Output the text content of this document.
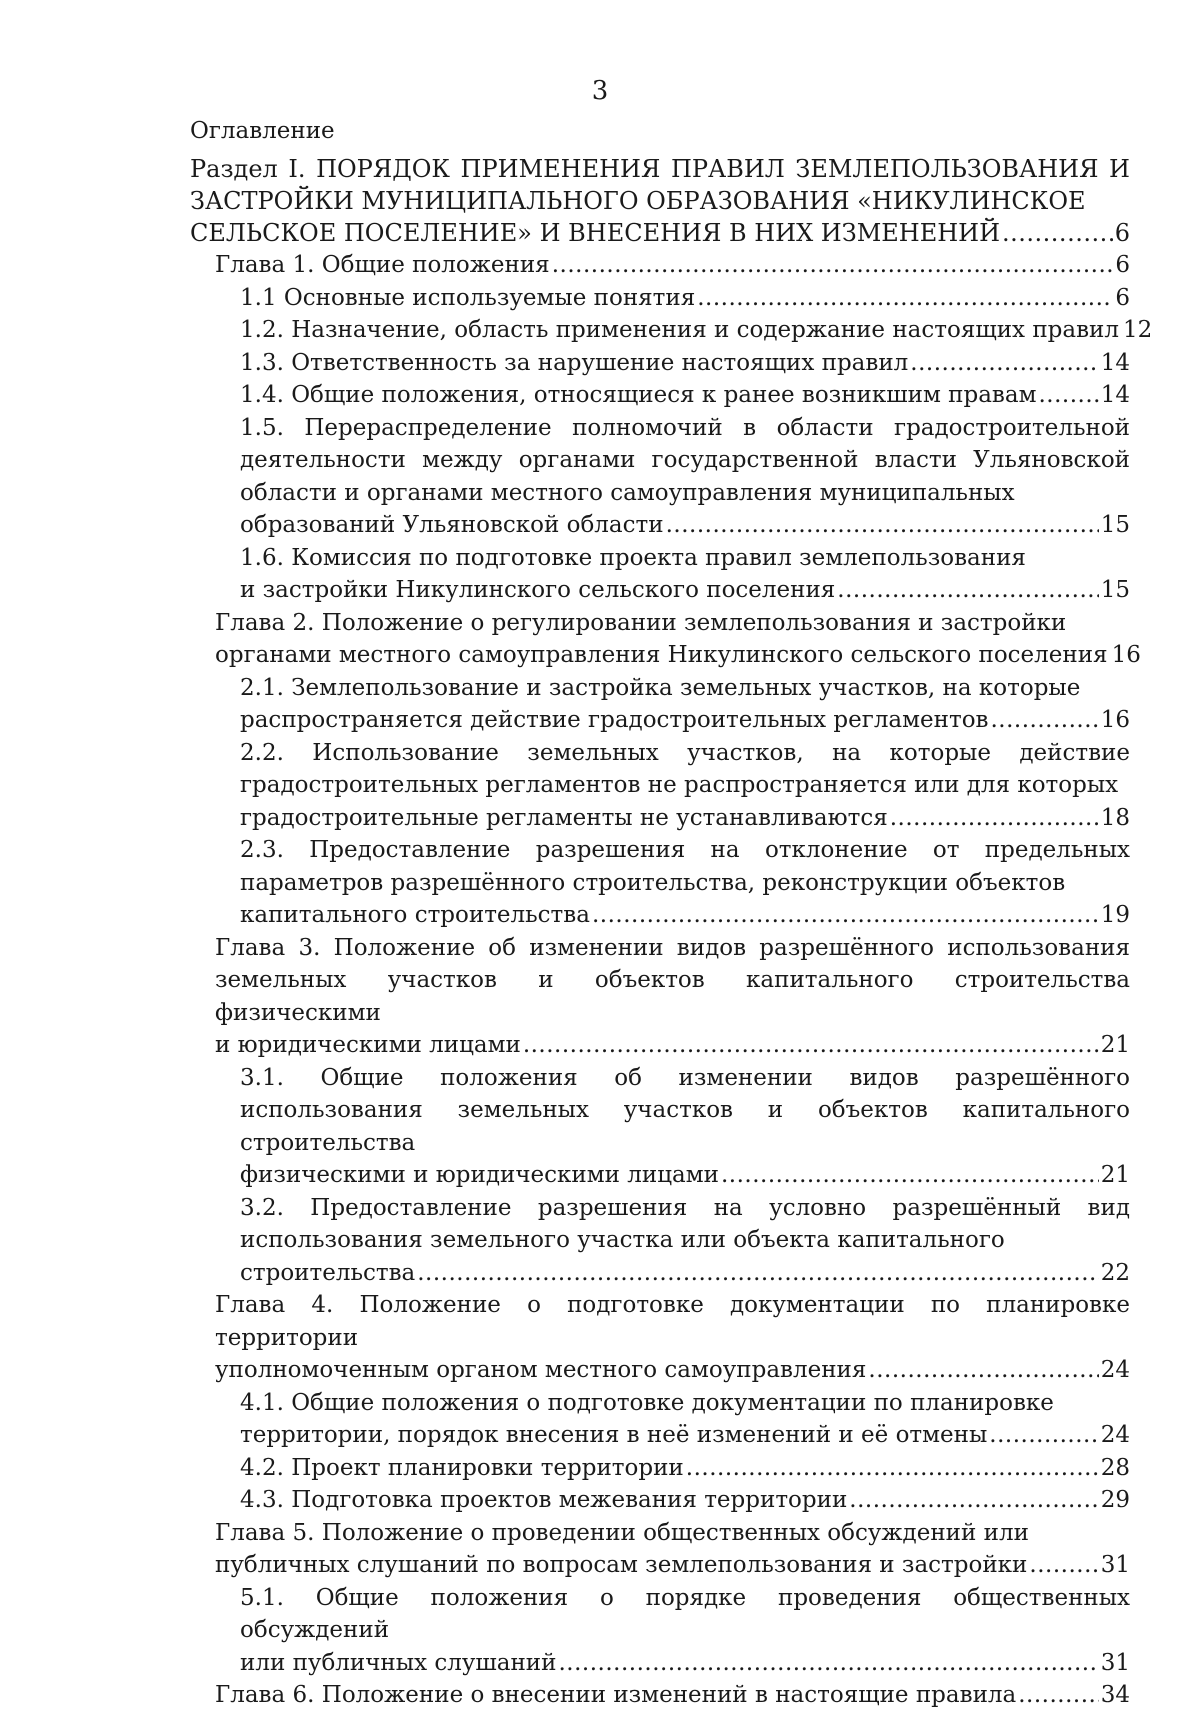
3
Оглавление
Раздел I. ПОРЯДОК ПРИМЕНЕНИЯ ПРАВИЛ ЗЕМЛЕПОЛЬЗОВАНИЯ И ЗАСТРОЙКИ МУНИЦИПАЛЬНОГО ОБРАЗОВАНИЯ «НИКУЛИНСКОЕ
СЕЛЬСКОЕ ПОСЕЛЕНИЕ» И ВНЕСЕНИЯ В НИХ ИЗМЕНЕНИЙ .....	6
Глава 1. Общие положения .....	6
1.1 Основные используемые понятия .....	6
1.2. Назначение, область применения и содержание настоящих правил 12
1.3. Ответственность за нарушение настоящих правил .....	14
1.4. Общие положения, относящиеся к ранее возникшим правам .....	14
1.5. Перераспределение полномочий в области градостроительной деятельности между органами государственной власти Ульяновской области и органами местного самоуправления муниципальных
образований Ульяновской области .....	15
1.6. Комиссия по подготовке проекта правил землепользования
и застройки Никулинского сельского поселения .....	15
Глава 2. Положение о регулировании землепользования и застройки
органами местного самоуправления Никулинского сельского поселения 16
2.1. Землепользование и застройка земельных участков, на которые
распространяется действие градостроительных регламентов .....	16
2.2. Использование земельных участков, на которые действие градостроительных регламентов не распространяется или для которых
градостроительные регламенты не устанавливаются .....	18
2.3. Предоставление разрешения на отклонение от предельных параметров разрешённого строительства, реконструкции объектов
капитального строительства .....	19
Глава 3. Положение об изменении видов разрешённого использования земельных участков и объектов капитального строительства физическими
и юридическими лицами .....	21
3.1. Общие положения об изменении видов разрешённого использования земельных участков и объектов капитального строительства
физическими и юридическими лицами .....	21
3.2. Предоставление разрешения на условно разрешённый вид использования земельного участка или объекта капитального
строительства .....	22
Глава 4. Положение о подготовке документации по планировке территории
уполномоченным органом местного самоуправления .....	24
4.1. Общие положения о подготовке документации по планировке
территории, порядок внесения в неё изменений и её отмены .....	24
4.2. Проект планировки территории .....	28
4.3. Подготовка проектов межевания территории .....	29
Глава 5. Положение о проведении общественных обсуждений или
публичных слушаний по вопросам землепользования и застройки .....	31
5.1. Общие положения о порядке проведения общественных обсуждений
или публичных слушаний .....	31
Глава 6. Положение о внесении изменений в настоящие правила .....	34
